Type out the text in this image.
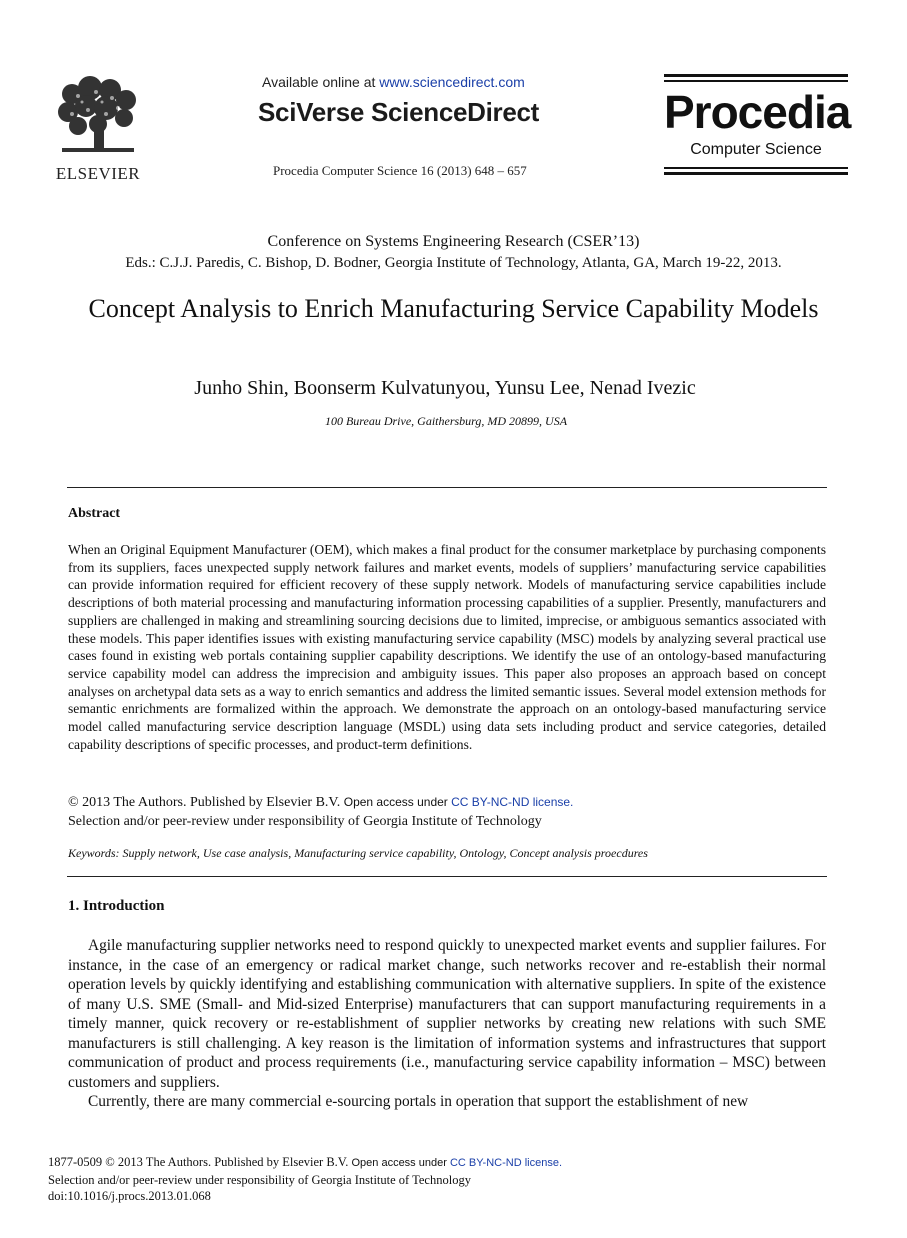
ELSEVIER
Available online at www.sciencedirect.com
SciVerse ScienceDirect
Procedia Computer Science 16 (2013) 648 – 657
Procedia
Computer Science
Conference on Systems Engineering Research (CSER’13)
Eds.: C.J.J. Paredis, C. Bishop, D. Bodner, Georgia Institute of Technology, Atlanta, GA, March 19-22, 2013.
Concept Analysis to Enrich Manufacturing Service Capability Models
Junho Shin, Boonserm Kulvatunyou, Yunsu Lee, Nenad Ivezic
100 Bureau Drive, Gaithersburg, MD 20899, USA
Abstract
When an Original Equipment Manufacturer (OEM), which makes a final product for the consumer marketplace by purchasing components from its suppliers, faces unexpected supply network failures and market events, models of suppliers’ manufacturing service capabilities can provide information required for efficient recovery of these supply network. Models of manufacturing service capabilities include descriptions of both material processing and manufacturing information processing capabilities of a supplier. Presently, manufacturers and suppliers are challenged in making and streamlining sourcing decisions due to limited, imprecise, or ambiguous semantics associated with these models. This paper identifies issues with existing manufacturing service capability (MSC) models by analyzing several practical use cases found in existing web portals containing supplier capability descriptions. We identify the use of an ontology-based manufacturing service capability model can address the imprecision and ambiguity issues. This paper also proposes an approach based on concept analyses on archetypal data sets as a way to enrich semantics and address the limited semantic issues. Several model extension methods for semantic enrichments are formalized within the approach. We demonstrate the approach on an ontology-based manufacturing service model called manufacturing service description language (MSDL) using data sets including product and service categories, detailed capability descriptions of specific processes, and product-term definitions.
© 2013 The Authors. Published by Elsevier B.V. Open access under CC BY-NC-ND license.
Selection and/or peer-review under responsibility of Georgia Institute of Technology
Keywords: Supply network, Use case analysis, Manufacturing service capability, Ontology, Concept analysis proecdures
1. Introduction

Agile manufacturing supplier networks need to respond quickly to unexpected market events and supplier failures. For instance, in the case of an emergency or radical market change, such networks recover and re-establish their normal operation levels by quickly identifying and establishing communication with alternative suppliers. In spite of the existence of many U.S. SME (Small- and Mid-sized Enterprise) manufacturers that can support manufacturing requirements in a timely manner, quick recovery or re-establishment of supplier networks by creating new relations with such SME manufacturers is still challenging. A key reason is the limitation of information systems and infrastructures that support communication of product and process requirements (i.e., manufacturing service capability information – MSC) between customers and suppliers.

Currently, there are many commercial e-sourcing portals in operation that support the establishment of new

1877-0509 © 2013 The Authors. Published by Elsevier B.V. Open access under CC BY-NC-ND license.
Selection and/or peer-review under responsibility of Georgia Institute of Technology
doi:10.1016/j.procs.2013.01.068
